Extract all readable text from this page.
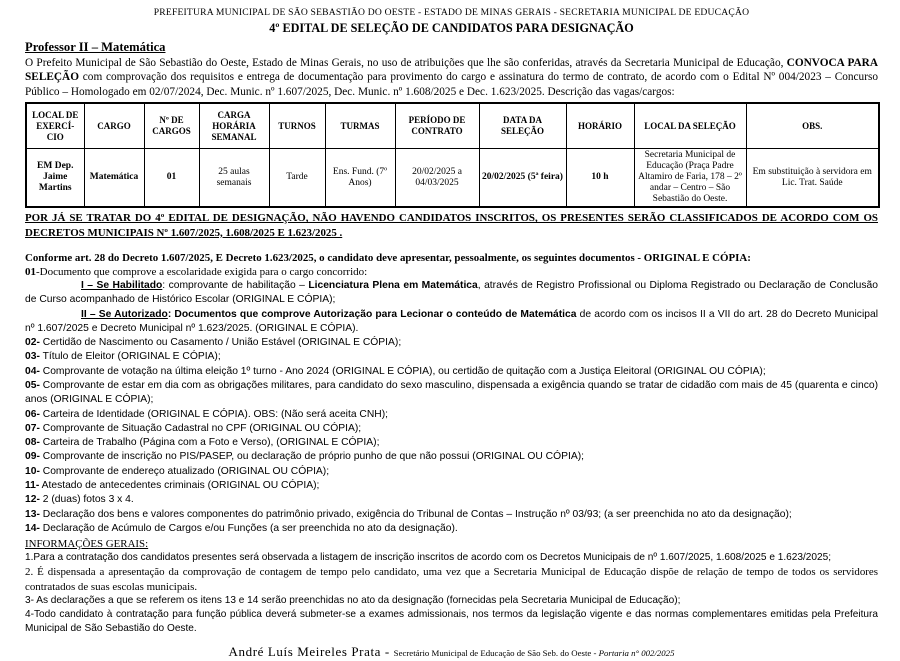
PREFEITURA MUNICIPAL DE SÃO SEBASTIÃO DO OESTE - ESTADO DE MINAS GERAIS - SECRETARIA MUNICIPAL DE EDUCAÇÃO
4º EDITAL DE SELEÇÃO DE CANDIDATOS PARA DESIGNAÇÃO
Professor II – Matemática

O Prefeito Municipal de São Sebastião do Oeste, Estado de Minas Gerais, no uso de atribuições que lhe são conferidas, através da Secretaria Municipal de Educação, CONVOCA PARA SELEÇÃO com comprovação dos requisitos e entrega de documentação para provimento do cargo e assinatura do termo de contrato, de acordo com o Edital Nº 004/2023 – Concurso Público – Homologado em 02/07/2024, Dec. Munic. nº 1.607/2025, Dec. Munic. nº 1.608/2025 e Dec. 1.623/2025. Descrição das vagas/cargos:

LOCAL DE EXERCÍ-CIO	CARGO	Nº DE CARGOS	CARGA HORÁRIA SEMANAL	TURNOS	TURMAS	PERÍODO DE CONTRATO	DATA DA SELEÇÃO	HORÁRIO	LOCAL DA SELEÇÃO	OBS.
EM Dep. Jaime Martins	Matemática	01	25 aulas semanais	Tarde	Ens. Fund. (7º Anos)	20/02/2025 a 04/03/2025	20/02/2025 (5ª feira)	10 h	Secretaria Municipal de Educação (Praça Padre Altamiro de Faria, 178 – 2º andar – Centro – São Sebastião do Oeste.	Em substituição à servidora em Lic. Trat. Saúde

POR JÁ SE TRATAR DO 4º EDITAL DE DESIGNAÇÃO, NÃO HAVENDO CANDIDATOS INSCRITOS, OS PRESENTES SERÃO CLASSIFICADOS DE ACORDO COM OS DECRETOS MUNICIPAIS Nº 1.607/2025, 1.608/2025 E 1.623/2025 .

Conforme art. 28 do Decreto 1.607/2025, E Decreto 1.623/2025, o candidato deve apresentar, pessoalmente, os seguintes documentos - ORIGINAL E CÓPIA:
01-Documento que comprove a escolaridade exigida para o cargo concorrido:
I – Se Habilitado: comprovante de habilitação – Licenciatura Plena em Matemática, através de Registro Profissional ou Diploma Registrado ou Declaração de Conclusão de Curso acompanhado de Histórico Escolar (ORIGINAL E CÓPIA);
II – Se Autorizado: Documentos que comprove Autorização para Lecionar o conteúdo de Matemática de acordo com os incisos II a VII do art. 28 do Decreto Municipal nº 1.607/2025 e Decreto Municipal nº 1.623/2025. (ORIGINAL E CÓPIA).
02- Certidão de Nascimento ou Casamento / União Estável (ORIGINAL E CÓPIA);
03- Título de Eleitor (ORIGINAL E CÓPIA);
04- Comprovante de votação na última eleição 1º turno - Ano 2024 (ORIGINAL E CÓPIA), ou certidão de quitação com a Justiça Eleitoral (ORIGINAL OU CÓPIA);
05- Comprovante de estar em dia com as obrigações militares, para candidato do sexo masculino, dispensada a exigência quando se tratar de cidadão com mais de 45 (quarenta e cinco) anos (ORIGINAL E CÓPIA);
06- Carteira de Identidade (ORIGINAL E CÓPIA). OBS: (Não será aceita CNH);
07- Comprovante de Situação Cadastral no CPF (ORIGINAL OU CÓPIA);
08- Carteira de Trabalho (Página com a Foto e Verso), (ORIGINAL E CÓPIA);
09- Comprovante de inscrição no PIS/PASEP, ou declaração de próprio punho de que não possui (ORIGINAL OU CÓPIA);
10- Comprovante de endereço atualizado (ORIGINAL OU CÓPIA);
11- Atestado de antecedentes criminais (ORIGINAL OU CÓPIA);
12- 2 (duas) fotos 3 x 4.
13- Declaração dos bens e valores componentes do patrimônio privado, exigência do Tribunal de Contas – Instrução nº 03/93; (a ser preenchida no ato da designação);
14- Declaração de Acúmulo de Cargos e/ou Funções (a ser preenchida no ato da designação).
INFORMAÇÕES GERAIS:
1.Para a contratação dos candidatos presentes será observada a listagem de inscrição inscritos de acordo com os Decretos Municipais de nº 1.607/2025, 1.608/2025 e 1.623/2025;
2. É dispensada a apresentação da comprovação de contagem de tempo pelo candidato, uma vez que a Secretaria Municipal de Educação dispõe de relação de tempo de todos os servidores contratados de suas escolas municipais.
3- As declarações a que se referem os itens 13 e 14 serão preenchidas no ato da designação (fornecidas pela Secretaria Municipal de Educação);
4-Todo candidato à contratação para função pública deverá submeter-se a exames admissionais, nos termos da legislação vigente e das normas complementares emitidas pela Prefeitura Municipal de São Sebastião do Oeste.
André Luís Meireles Prata - Secretário Municipal de Educação de São Seb. do Oeste - Portaria n° 002/2025
